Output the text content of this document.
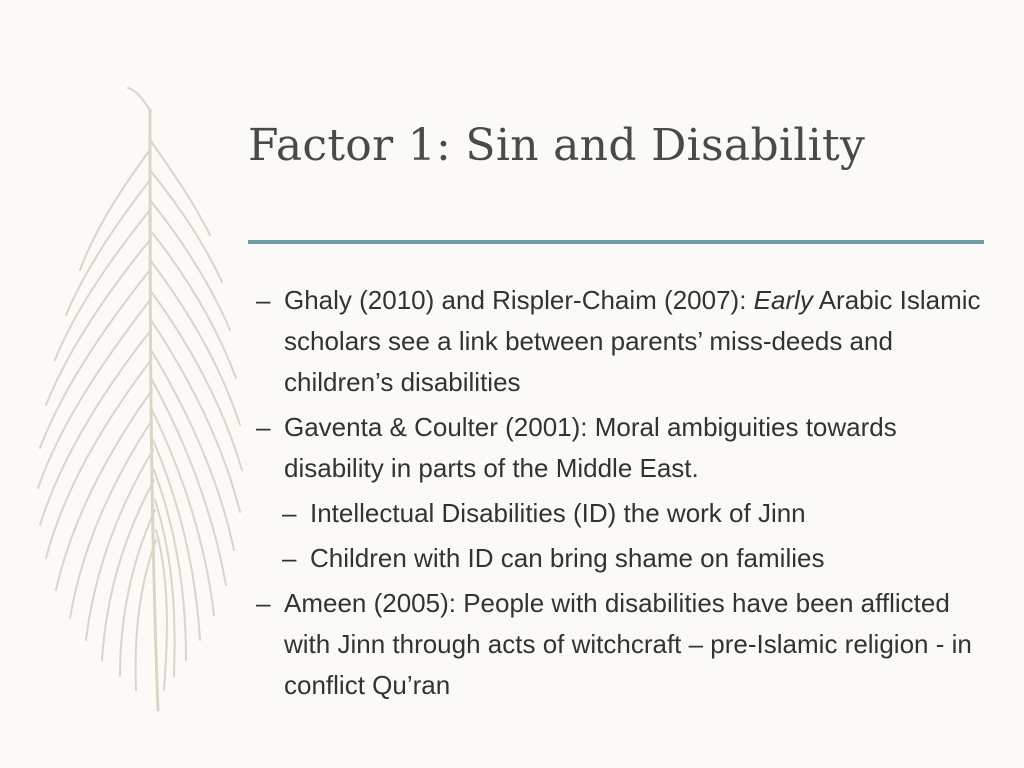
Factor 1: Sin and Disability
– Ghaly (2010) and Rispler-Chaim (2007): Early Arabic Islamic scholars see a link between parents’ miss-deeds and children’s disabilities
– Gaventa & Coulter (2001): Moral ambiguities towards disability in parts of the Middle East.
– Intellectual Disabilities (ID) the work of Jinn
– Children with ID can bring shame on families
– Ameen (2005): People with disabilities have been afflicted with Jinn through acts of witchcraft – pre-Islamic religion - in conflict Qu’ran
